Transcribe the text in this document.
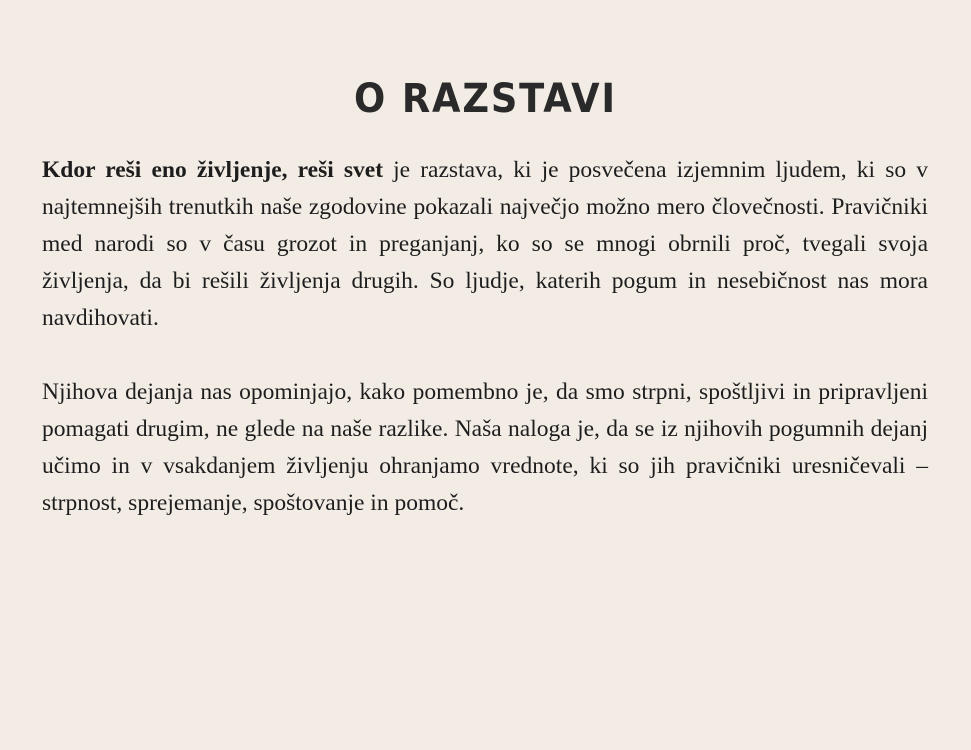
O RAZSTAVI

Kdor reši eno življenje, reši svet je razstava, ki je posvečena izjemnim ljudem, ki so v najtemnejših trenutkih naše zgodovine pokazali največjo možno mero človečnosti. Pravičniki med narodi so v času grozot in preganjanj, ko so se mnogi obrnili proč, tvegali svoja življenja, da bi rešili življenja drugih. So ljudje, katerih pogum in nesebičnost nas mora navdihovati.

Njihova dejanja nas opominjajo, kako pomembno je, da smo strpni, spoštljivi in pripravljeni pomagati drugim, ne glede na naše razlike. Naša naloga je, da se iz njihovih pogumnih dejanj učimo in v vsakdanjem življenju ohranjamo vrednote, ki so jih pravičniki uresničevali – strpnost, sprejemanje, spoštovanje in pomoč.
